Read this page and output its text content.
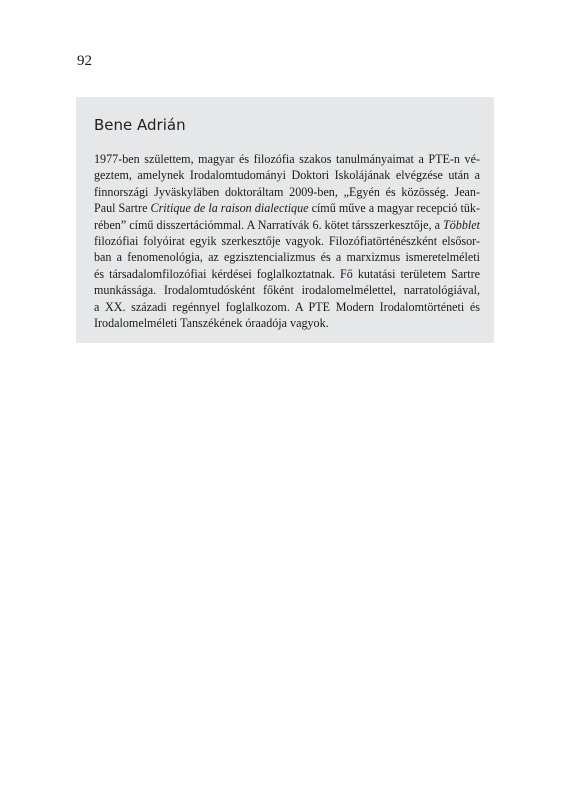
92
Bene Adrián
1977-ben születtem, magyar és filozófia szakos tanulmányaimat a PTE-n vé-
geztem, amelynek Irodalomtudományi Doktori Iskolájának elvégzése után a
finnországi Jyväskyläben doktoráltam 2009-ben, „Egyén és közösség. Jean-
Paul Sartre Critique de la raison dialectique című műve a magyar recepció tük-
rében” című disszertációmmal. A Narratívák 6. kötet társszerkesztője, a Többlet
filozófiai folyóirat egyik szerkesztője vagyok. Filozófiatörténészként elsősor-
ban a fenomenológia, az egzisztencializmus és a marxizmus ismeretelméleti
és társadalomfilozófiai kérdései foglalkoztatnak. Fő kutatási területem Sartre
munkássága. Irodalomtudósként főként irodalomelmélettel, narratológiával,
a XX. századi regénnyel foglalkozom. A PTE Modern Irodalomtörténeti és
Irodalomelméleti Tanszékének óraadója vagyok.
